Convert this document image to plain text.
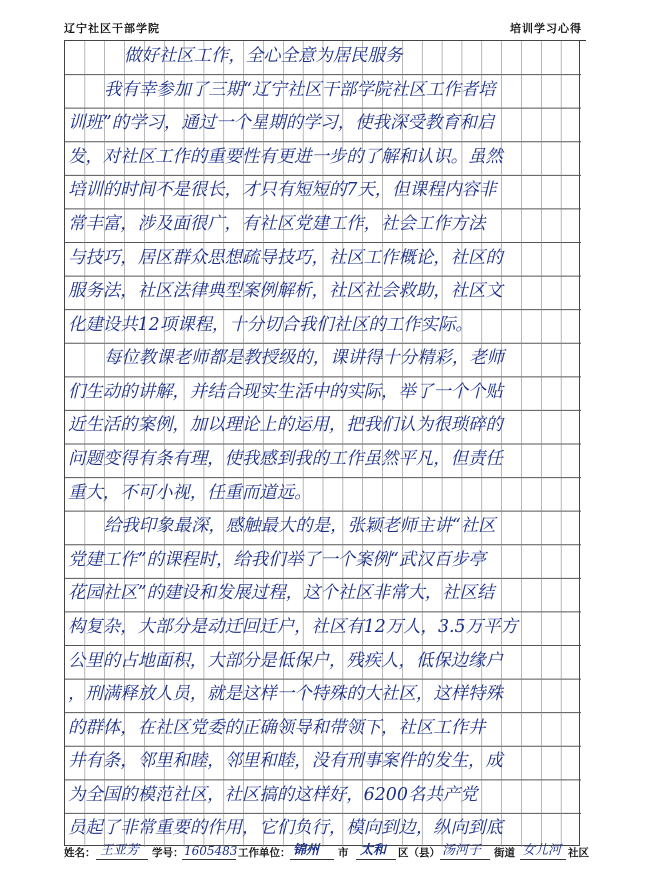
辽宁社区干部学院	培训学习心得
做好社区工作，全心全意为居民服务
我有幸参加了三期“辽宁社区干部学院社区工作者培
训班”的学习，通过一个星期的学习，使我深受教育和启
发，对社区工作的重要性有更进一步的了解和认识。虽然
培训的时间不是很长，才只有短短的7天，但课程内容非
常丰富，涉及面很广，有社区党建工作，社会工作方法
与技巧，居区群众思想疏导技巧，社区工作概论，社区的
服务法，社区法律典型案例解析，社区社会救助，社区文
化建设共12项课程，十分切合我们社区的工作实际。
每位教课老师都是教授级的，课讲得十分精彩，老师
们生动的讲解，并结合现实生活中的实际，举了一个个贴
近生活的案例，加以理论上的运用，把我们认为很琐碎的
问题变得有条有理，使我感到我的工作虽然平凡，但责任
重大，不可小视，任重而道远。
给我印象最深，感触最大的是，张颖老师主讲“社区
党建工作”的课程时，给我们举了一个案例“武汉百步亭
花园社区”的建设和发展过程，这个社区非常大，社区结
构复杂，大部分是动迁回迁户，社区有12万人，3.5万平方
公里的占地面积，大部分是低保户，残疾人，低保边缘户
，刑满释放人员，就是这样一个特殊的大社区，这样特殊
的群体，在社区党委的正确领导和带领下，社区工作井
井有条，邻里和睦，邻里和睦，没有刑事案件的发生，成
为全国的模范社区，社区搞的这样好，6200名共产党
员起了非常重要的作用，它们负行，模向到边，纵向到底
姓名： 王亚芳 学号： 1605483 工作单位： 锦州 市 太和 区（县） 汤河子 街道 女儿河 社区
